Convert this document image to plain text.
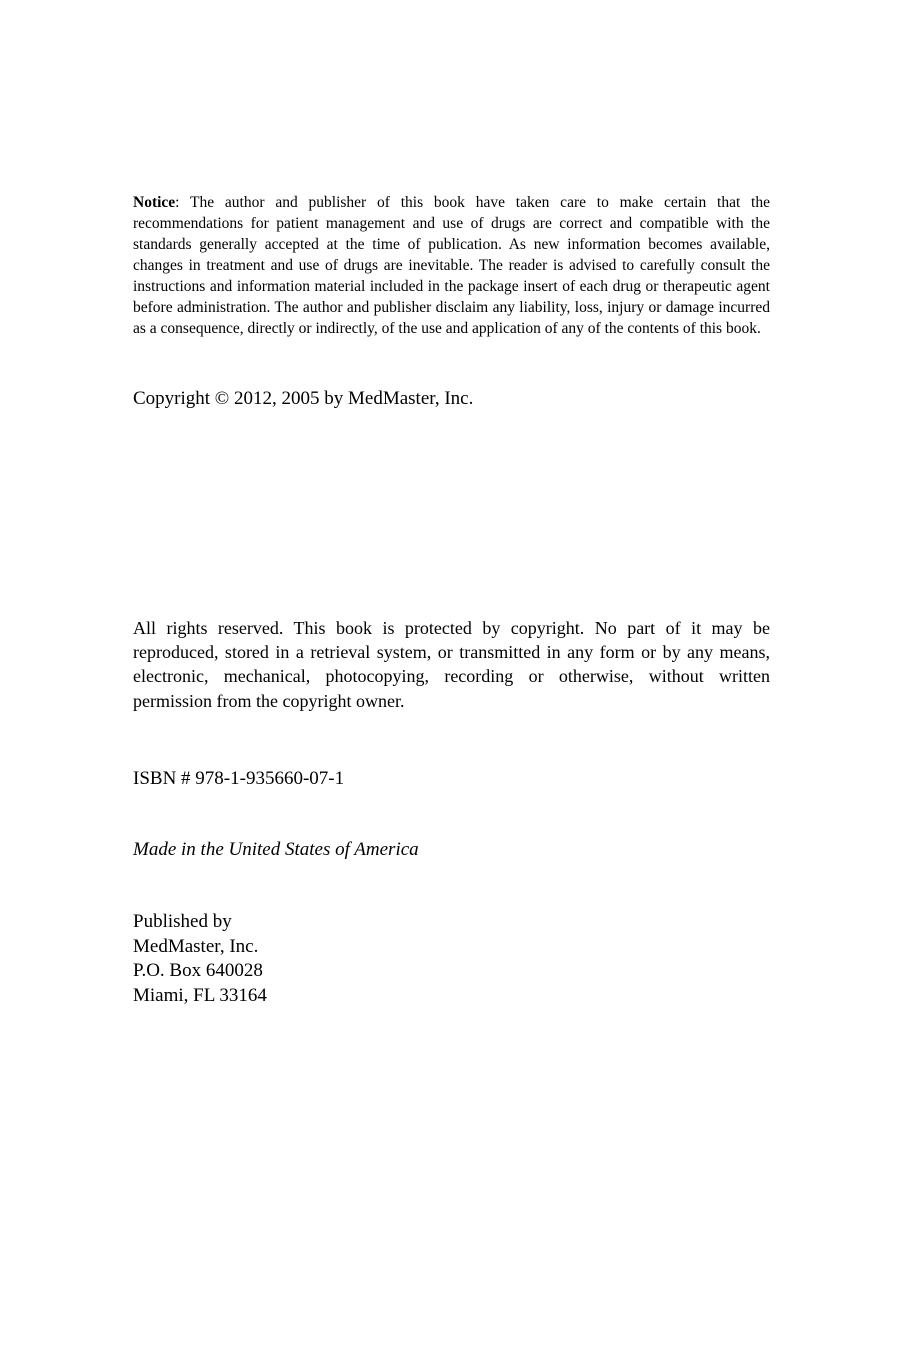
Notice: The author and publisher of this book have taken care to make certain that the recommendations for patient management and use of drugs are correct and compatible with the standards generally accepted at the time of publication. As new information becomes available, changes in treatment and use of drugs are inevitable. The reader is advised to carefully consult the instructions and information material included in the package insert of each drug or therapeutic agent before administration. The author and publisher disclaim any liability, loss, injury or damage incurred as a consequence, directly or indirectly, of the use and application of any of the contents of this book.

Copyright © 2012, 2005 by MedMaster, Inc.

All rights reserved. This book is protected by copyright. No part of it may be reproduced, stored in a retrieval system, or transmitted in any form or by any means, electronic, mechanical, photocopying, recording or otherwise, without written permission from the copyright owner.

ISBN # 978-1-935660-07-1
Made in the United States of America
Published by
MedMaster, Inc.
P.O. Box 640028
Miami, FL 33164
